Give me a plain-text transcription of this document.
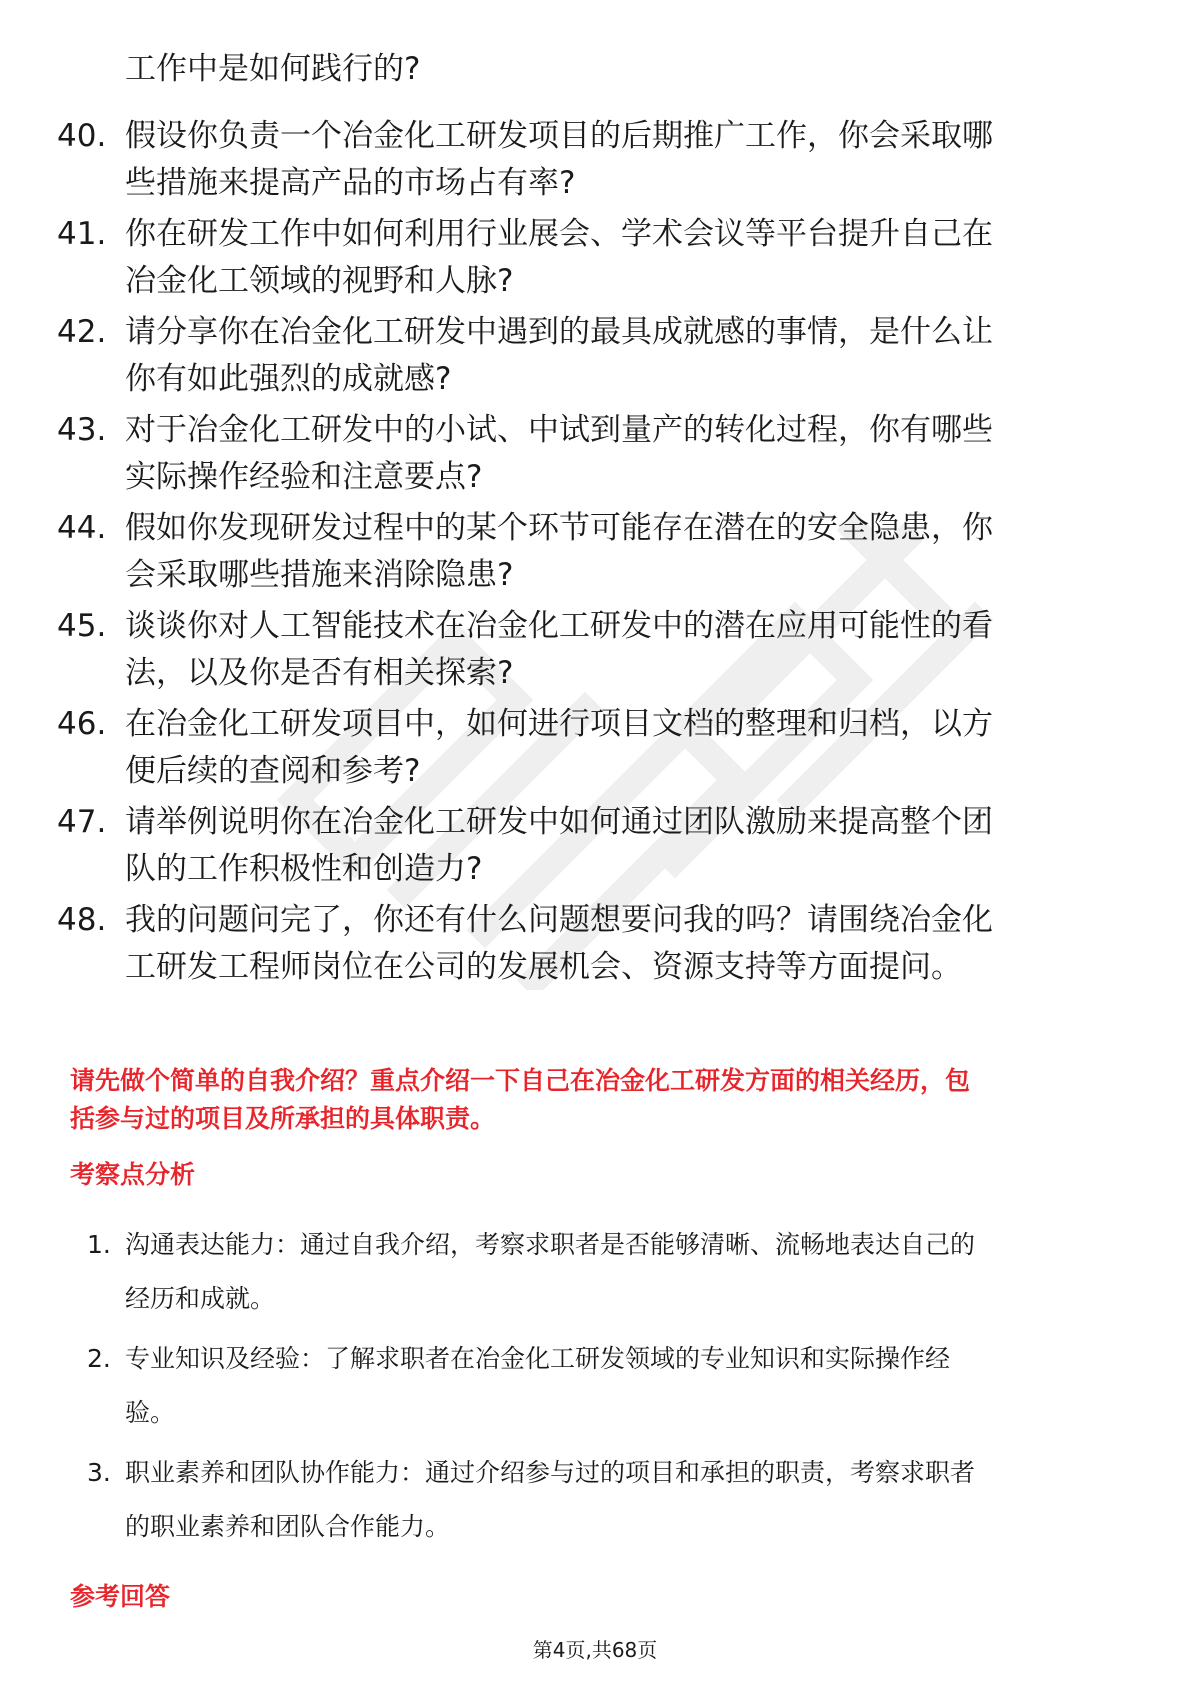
工作中是如何践行的?
40. 假设你负责一个冶金化工研发项目的后期推广工作，你会采取哪
些措施来提高产品的市场占有率?
41. 你在研发工作中如何利用行业展会、学术会议等平台提升自己在
冶金化工领域的视野和人脉?
42. 请分享你在冶金化工研发中遇到的最具成就感的事情，是什么让
你有如此强烈的成就感?
43. 对于冶金化工研发中的小试、中试到量产的转化过程，你有哪些
实际操作经验和注意要点?
44. 假如你发现研发过程中的某个环节可能存在潜在的安全隐患，你
会采取哪些措施来消除隐患?
45. 谈谈你对人工智能技术在冶金化工研发中的潜在应用可能性的看
法，以及你是否有相关探索?
46. 在冶金化工研发项目中，如何进行项目文档的整理和归档，以方
便后续的查阅和参考?
47. 请举例说明你在冶金化工研发中如何通过团队激励来提高整个团
队的工作积极性和创造力?
48. 我的问题问完了，你还有什么问题想要问我的吗？请围绕冶金化
工研发工程师岗位在公司的发展机会、资源支持等方面提问。
请先做个简单的自我介绍？重点介绍一下自己在冶金化工研发方面的相关经历，包
括参与过的项目及所承担的具体职责。
考察点分析
1. 沟通表达能力：通过自我介绍，考察求职者是否能够清晰、流畅地表达自己的
经历和成就。
2. 专业知识及经验：了解求职者在冶金化工研发领域的专业知识和实际操作经
验。
3. 职业素养和团队协作能力：通过介绍参与过的项目和承担的职责，考察求职者
的职业素养和团队合作能力。
参考回答
第4页,共68页
